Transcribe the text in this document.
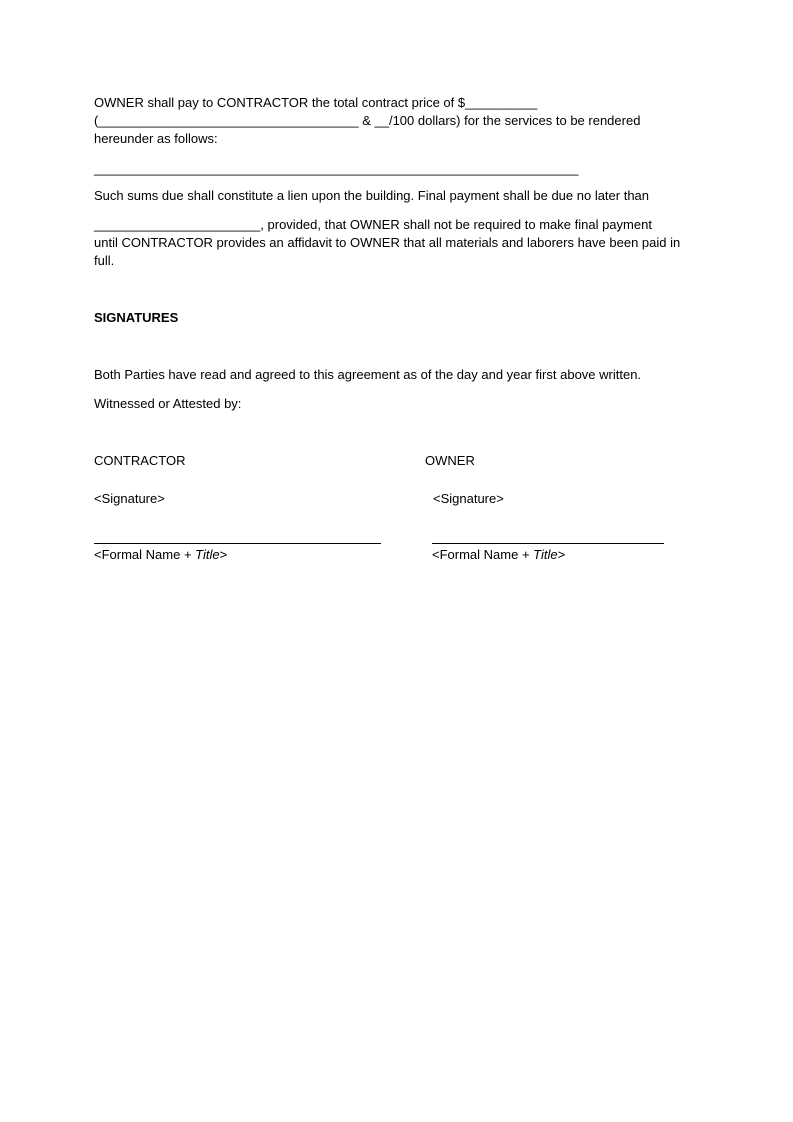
OWNER shall pay to CONTRACTOR the total contract price of $__________
(____________________________________ & __/100 dollars) for the services to be rendered
hereunder as follows:
___________________________________________________________________
Such sums due shall constitute a lien upon the building. Final payment shall be due no later than
_______________________, provided, that OWNER shall not be required to make final payment
until CONTRACTOR provides an affidavit to OWNER that all materials and laborers have been paid in
full.
SIGNATURES
Both Parties have read and agreed to this agreement as of the day and year first above written.
Witnessed or Attested by:
CONTRACTOR	OWNER
<Signature>	<Signature>
<Formal Name + Title>	<Formal Name + Title>
